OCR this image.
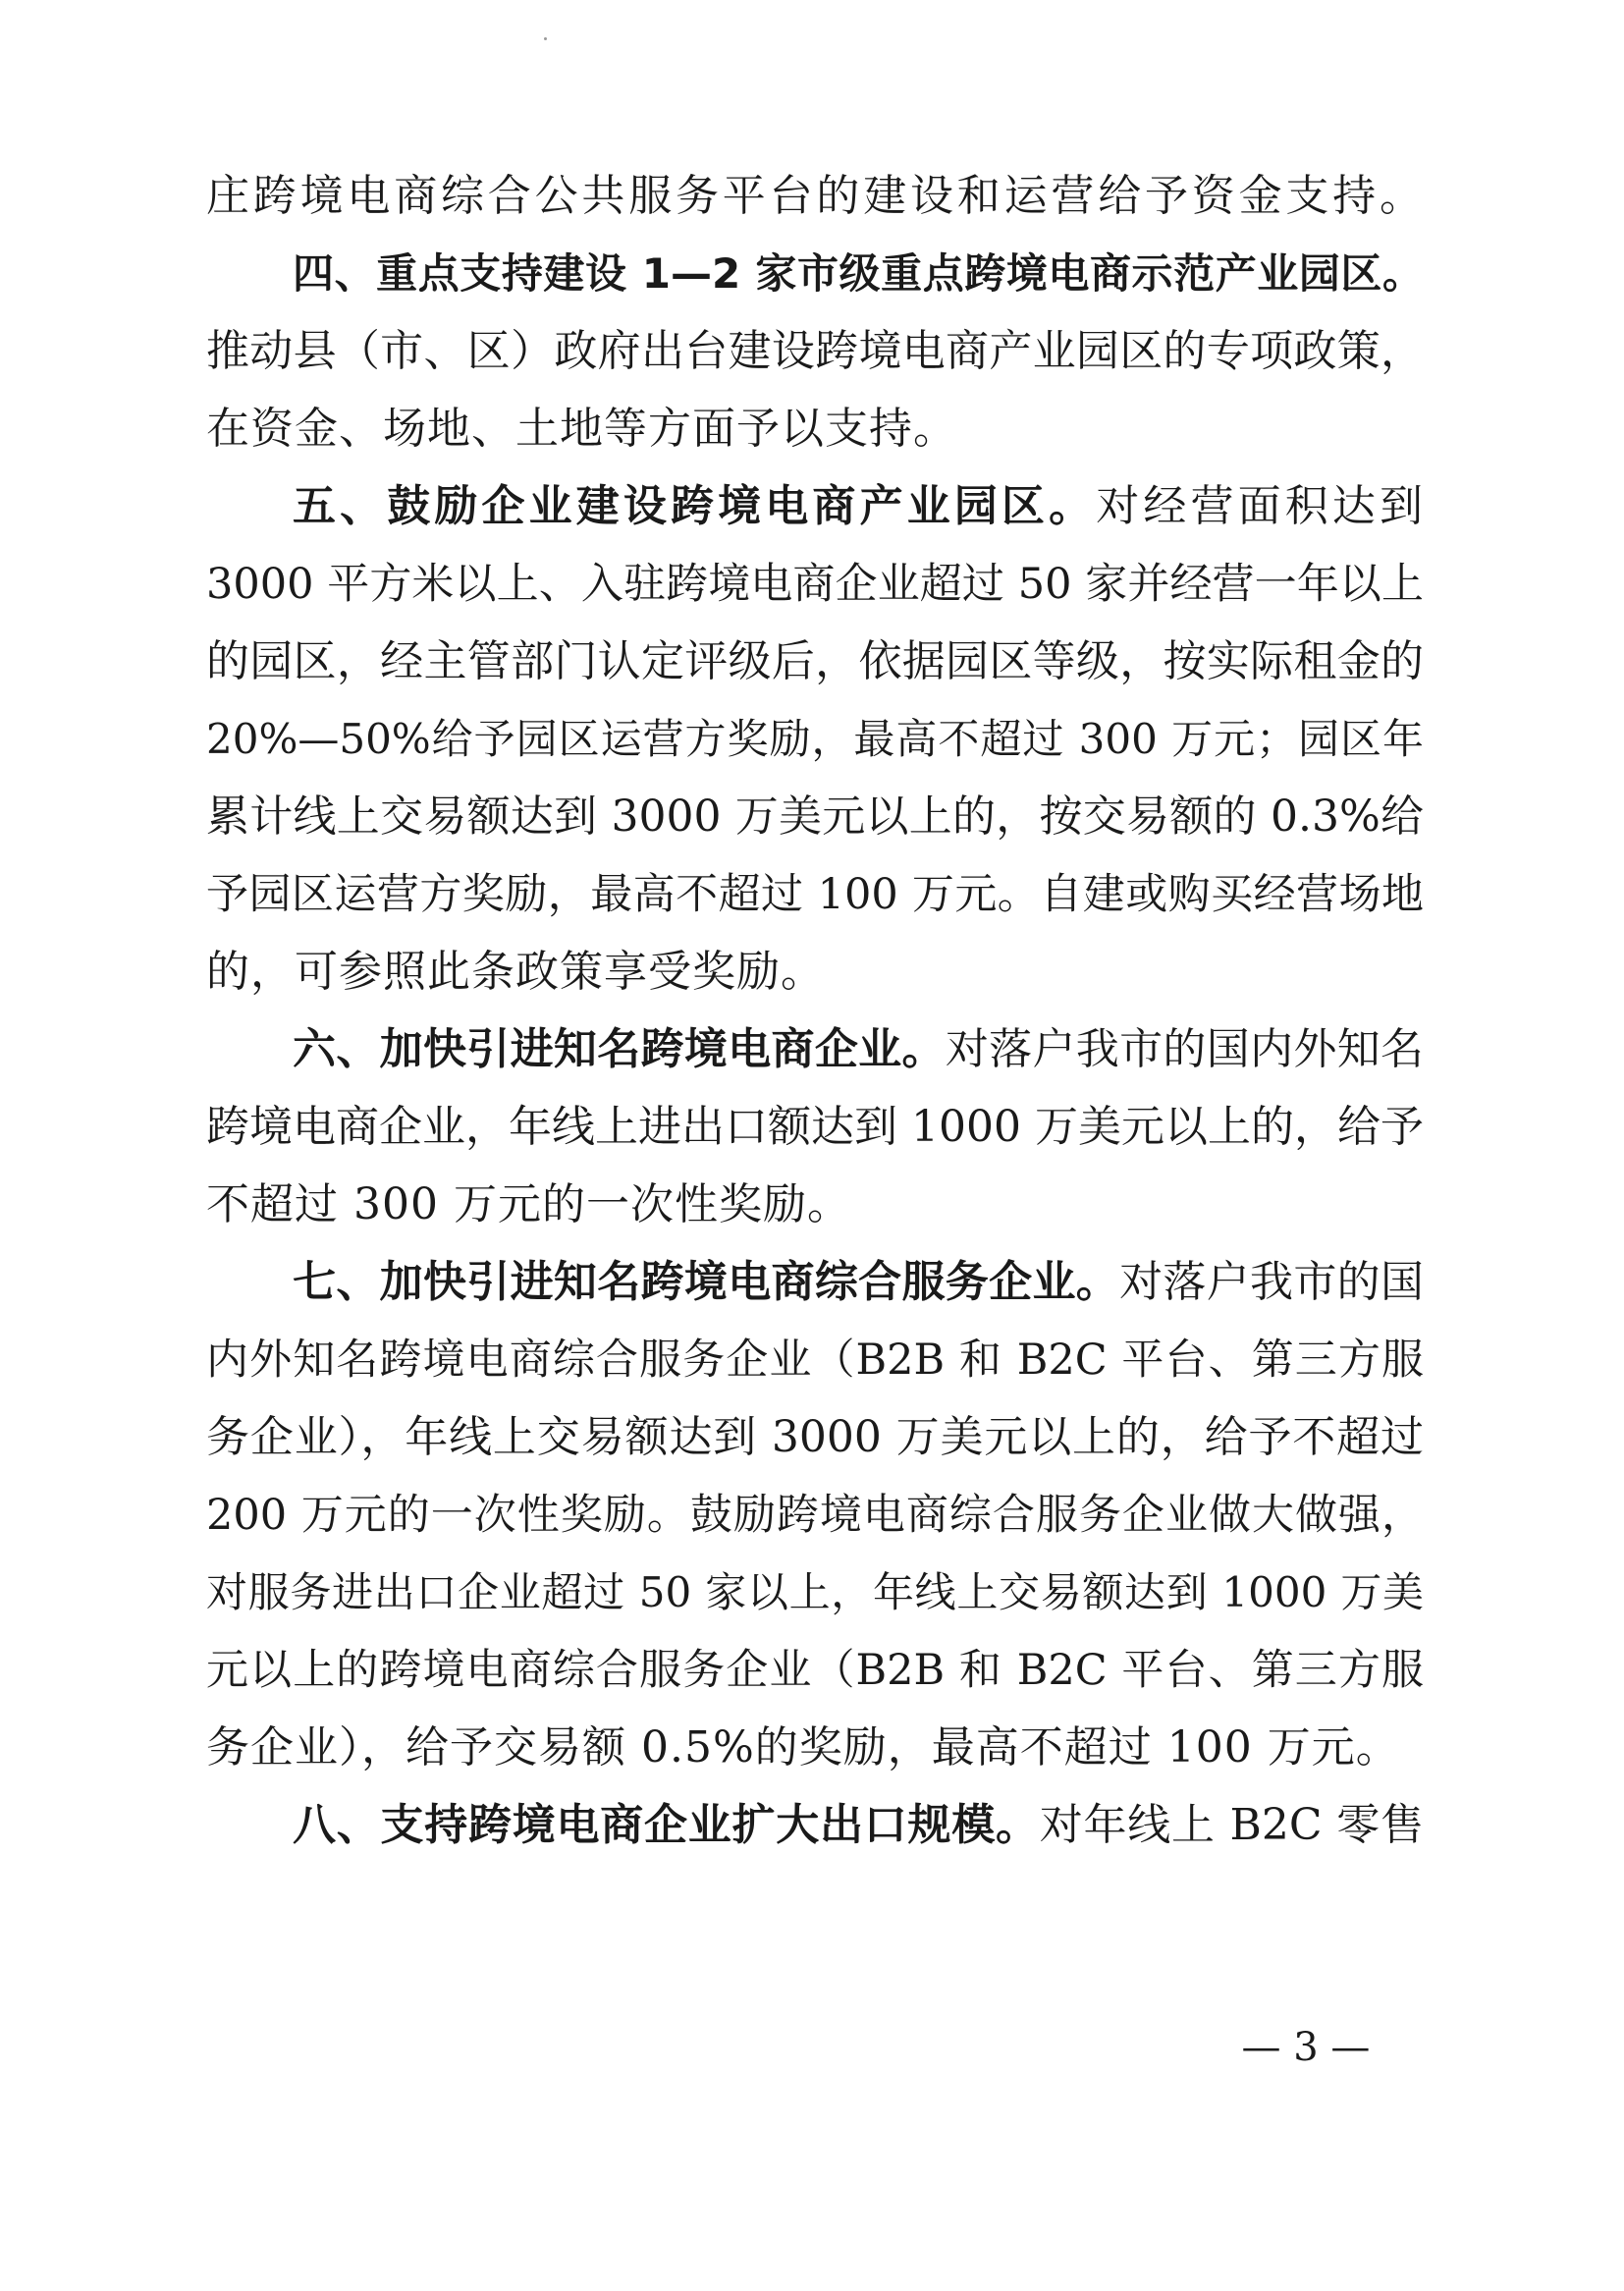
庄跨境电商综合公共服务平台的建设和运营给予资金支持。
四、重点支持建设 1—2 家市级重点跨境电商示范产业园区。
推动县（市、区）政府出台建设跨境电商产业园区的专项政策，
在资金、场地、土地等方面予以支持。
五、鼓励企业建设跨境电商产业园区。对经营面积达到
3000 平方米以上、入驻跨境电商企业超过 50 家并经营一年以上
的园区，经主管部门认定评级后，依据园区等级，按实际租金的
20%—50%给予园区运营方奖励，最高不超过 300 万元；园区年
累计线上交易额达到 3000 万美元以上的，按交易额的 0.3%给
予园区运营方奖励，最高不超过 100 万元。自建或购买经营场地
的，可参照此条政策享受奖励。
六、加快引进知名跨境电商企业。对落户我市的国内外知名
跨境电商企业，年线上进出口额达到 1000 万美元以上的，给予
不超过 300 万元的一次性奖励。
七、加快引进知名跨境电商综合服务企业。对落户我市的国
内外知名跨境电商综合服务企业（B2B 和 B2C 平台、第三方服
务企业），年线上交易额达到 3000 万美元以上的，给予不超过
200 万元的一次性奖励。鼓励跨境电商综合服务企业做大做强，
对服务进出口企业超过 50 家以上，年线上交易额达到 1000 万美
元以上的跨境电商综合服务企业（B2B 和 B2C 平台、第三方服
务企业），给予交易额 0.5%的奖励，最高不超过 100 万元。
八、支持跨境电商企业扩大出口规模。对年线上 B2C 零售
— 3 —
